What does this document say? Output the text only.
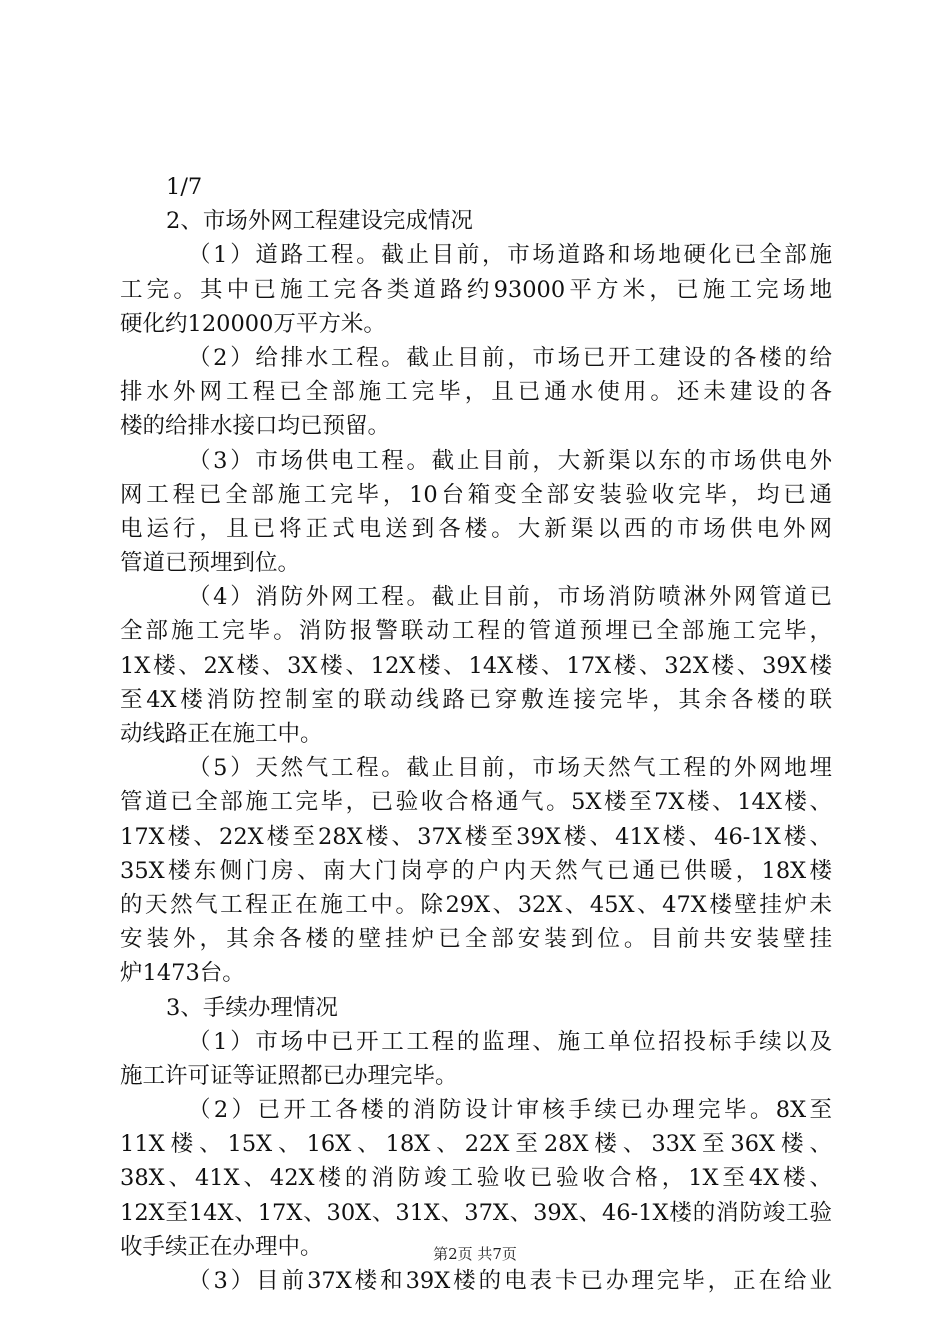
1/7
2、市场外网工程建设完成情况
（1）道路工程。截止目前，市场道路和场地硬化已全部施
工完。其中已施工完各类道路约93000平方米，已施工完场地
硬化约120000万平方米。
（2）给排水工程。截止目前，市场已开工建设的各楼的给
排水外网工程已全部施工完毕，且已通水使用。还未建设的各
楼的给排水接口均已预留。
（3）市场供电工程。截止目前，大新渠以东的市场供电外
网工程已全部施工完毕，10台箱变全部安装验收完毕，均已通
电运行，且已将正式电送到各楼。大新渠以西的市场供电外网
管道已预埋到位。
（4）消防外网工程。截止目前，市场消防喷淋外网管道已
全部施工完毕。消防报警联动工程的管道预埋已全部施工完毕，
1X楼、2X楼、3X楼、12X楼、14X楼、17X楼、32X楼、39X楼
至4X楼消防控制室的联动线路已穿敷连接完毕，其余各楼的联
动线路正在施工中。
（5）天然气工程。截止目前，市场天然气工程的外网地埋
管道已全部施工完毕，已验收合格通气。5X楼至7X楼、14X楼、
17X楼、22X楼至28X楼、37X楼至39X楼、41X楼、46-1X楼、
35X楼东侧门房、南大门岗亭的户内天然气已通已供暖，18X楼
的天然气工程正在施工中。除29X、32X、45X、47X楼壁挂炉未
安装外，其余各楼的壁挂炉已全部安装到位。目前共安装壁挂
炉1473台。
3、手续办理情况
（1）市场中已开工工程的监理、施工单位招投标手续以及
施工许可证等证照都已办理完毕。
（2）已开工各楼的消防设计审核手续已办理完毕。8X至
11X楼、15X、16X、18X、22X至28X楼、33X至36X楼、
38X、41X、42X楼的消防竣工验收已验收合格，1X至4X楼、
12X至14X、17X、30X、31X、37X、39X、46-1X楼的消防竣工验
收手续正在办理中。
（3）目前37X楼和39X楼的电表卡已办理完毕，正在给业
第2页 共7页
